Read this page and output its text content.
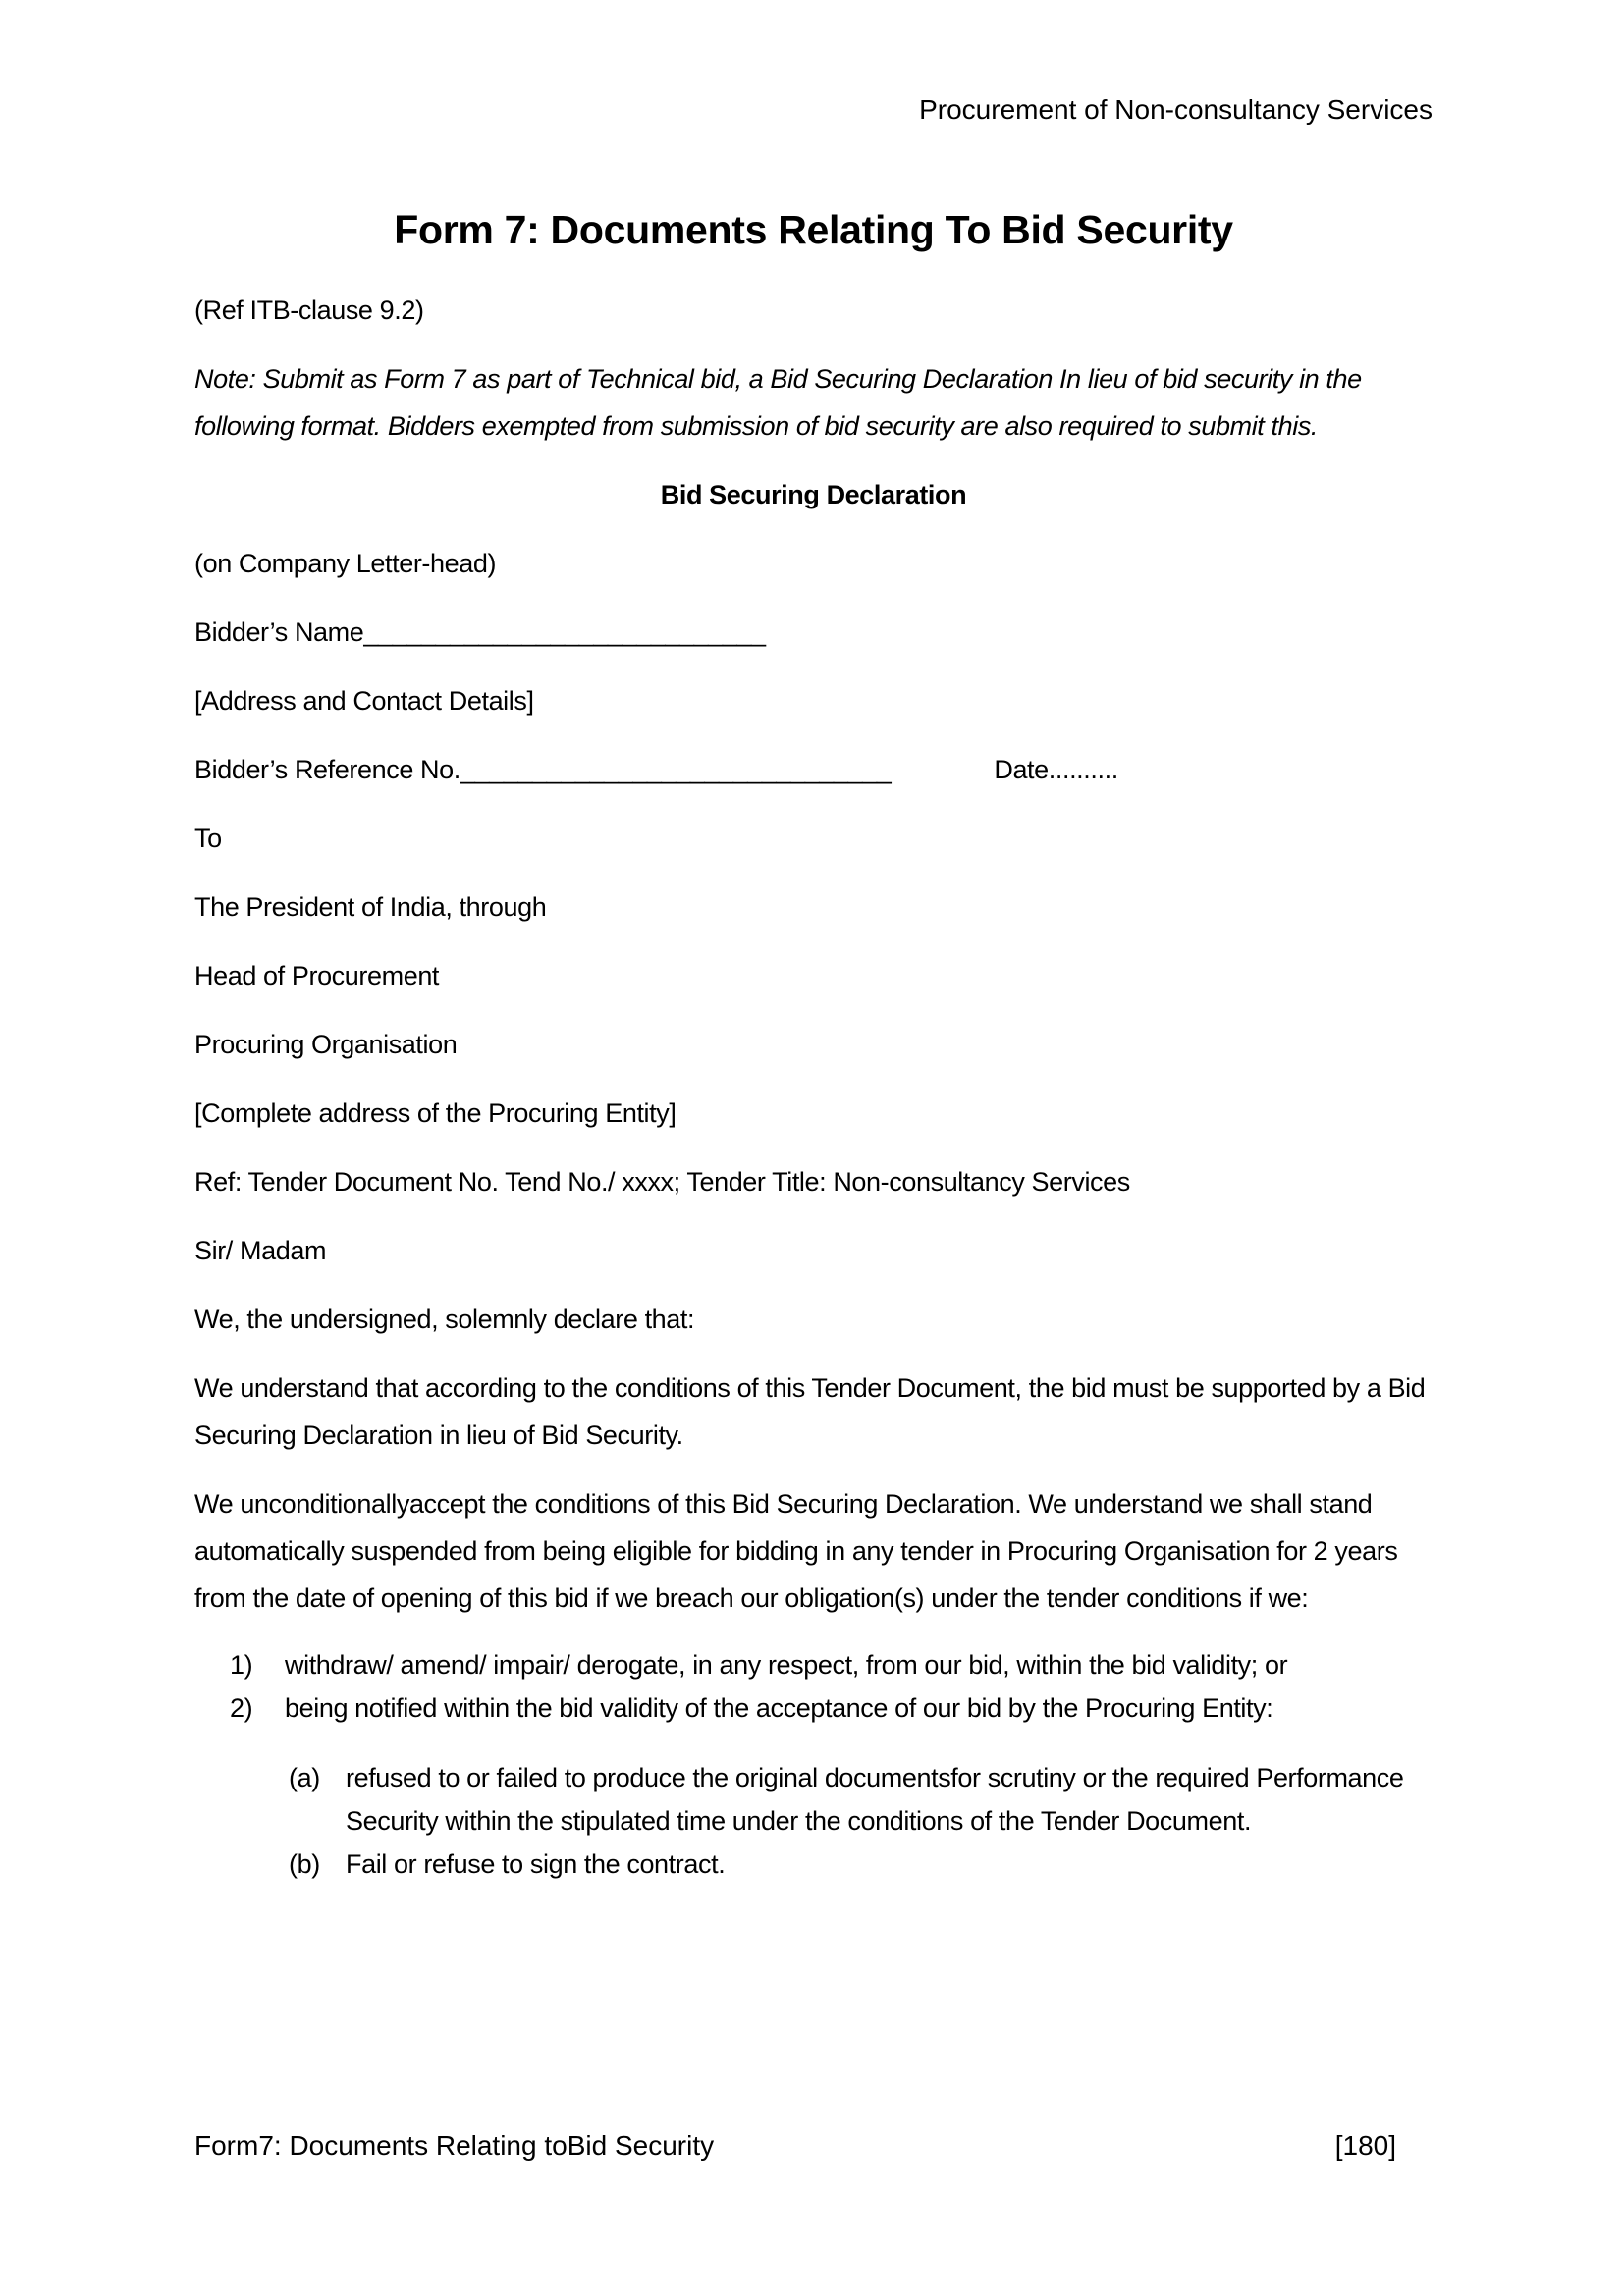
Procurement of Non-consultancy Services
Form 7: Documents Relating To Bid Security

(Ref ITB-clause 9.2)

Note: Submit as Form 7 as part of Technical bid, a Bid Securing Declaration In lieu of bid security in the following format. Bidders exempted from submission of bid security are also required to submit this.

Bid Securing Declaration

(on Company Letter-head)

Bidder’s Name____________________________

[Address and Contact Details]

Bidder’s Reference No. ______________________________	Date..........

To

The President of India, through

Head of Procurement

Procuring Organisation

[Complete address of the Procuring Entity]

Ref: Tender Document No. Tend No./ xxxx; Tender Title: Non-consultancy Services

Sir/ Madam

We, the undersigned, solemnly declare that:

We understand that according to the conditions of this Tender Document, the bid must be supported by a Bid Securing Declaration in lieu of Bid Security.

We unconditionallyaccept the conditions of this Bid Securing Declaration. We understand we shall stand automatically suspended from being eligible for bidding in any tender in Procuring Organisation for 2 years from the date of opening of this bid if we breach our obligation(s) under the tender conditions if we:

1)	withdraw/ amend/ impair/ derogate, in any respect, from our bid, within the bid validity; or
2)	being notified within the bid validity of the acceptance of our bid by the Procuring Entity:
(a) refused to or failed to produce the original documentsfor scrutiny or the required Performance Security within the stipulated time under the conditions of the Tender Document.
(b) Fail or refuse to sign the contract.
Form7: Documents Relating toBid Security	[180]
